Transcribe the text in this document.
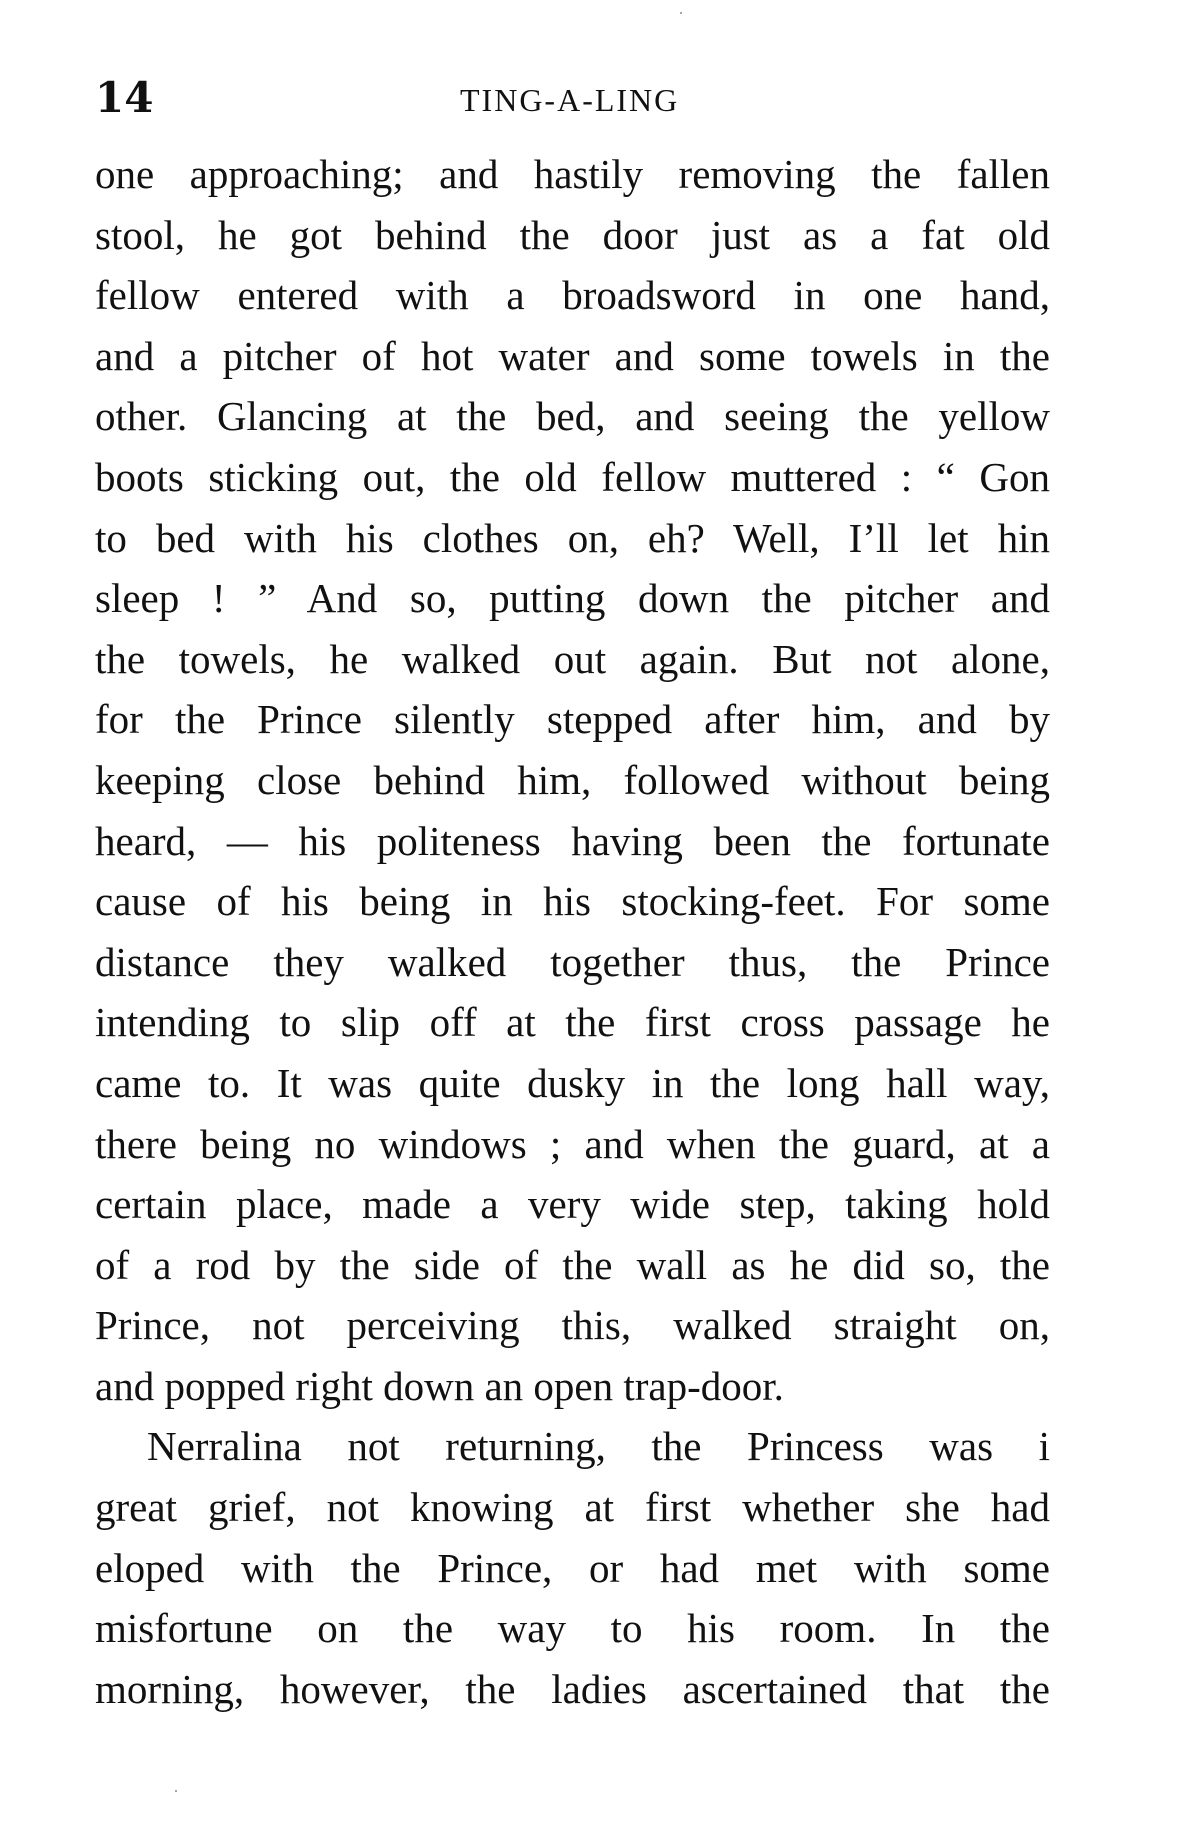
14	TING-A-LING
one approaching; and hastily removing the fallen
stool, he got behind the door just as a fat old
fellow entered with a broadsword in one hand,
and a pitcher of hot water and some towels in the
other. Glancing at the bed, and seeing the yellow
boots sticking out, the old fellow muttered : “ Gon
to bed with his clothes on, eh? Well, I’ll let hin
sleep ! ” And so, putting down the pitcher and
the towels, he walked out again. But not alone,
for the Prince silently stepped after him, and by
keeping close behind him, followed without being
heard, — his politeness having been the fortunate
cause of his being in his stocking-feet. For some
distance they walked together thus, the Prince
intending to slip off at the first cross passage he
came to. It was quite dusky in the long hall way,
there being no windows ; and when the guard, at a
certain place, made a very wide step, taking hold
of a rod by the side of the wall as he did so, the
Prince, not perceiving this, walked straight on,
and popped right down an open trap-door.
Nerralina not returning, the Princess was i
great grief, not knowing at first whether she had
eloped with the Prince, or had met with some
misfortune on the way to his room. In the
morning, however, the ladies ascertained that the
